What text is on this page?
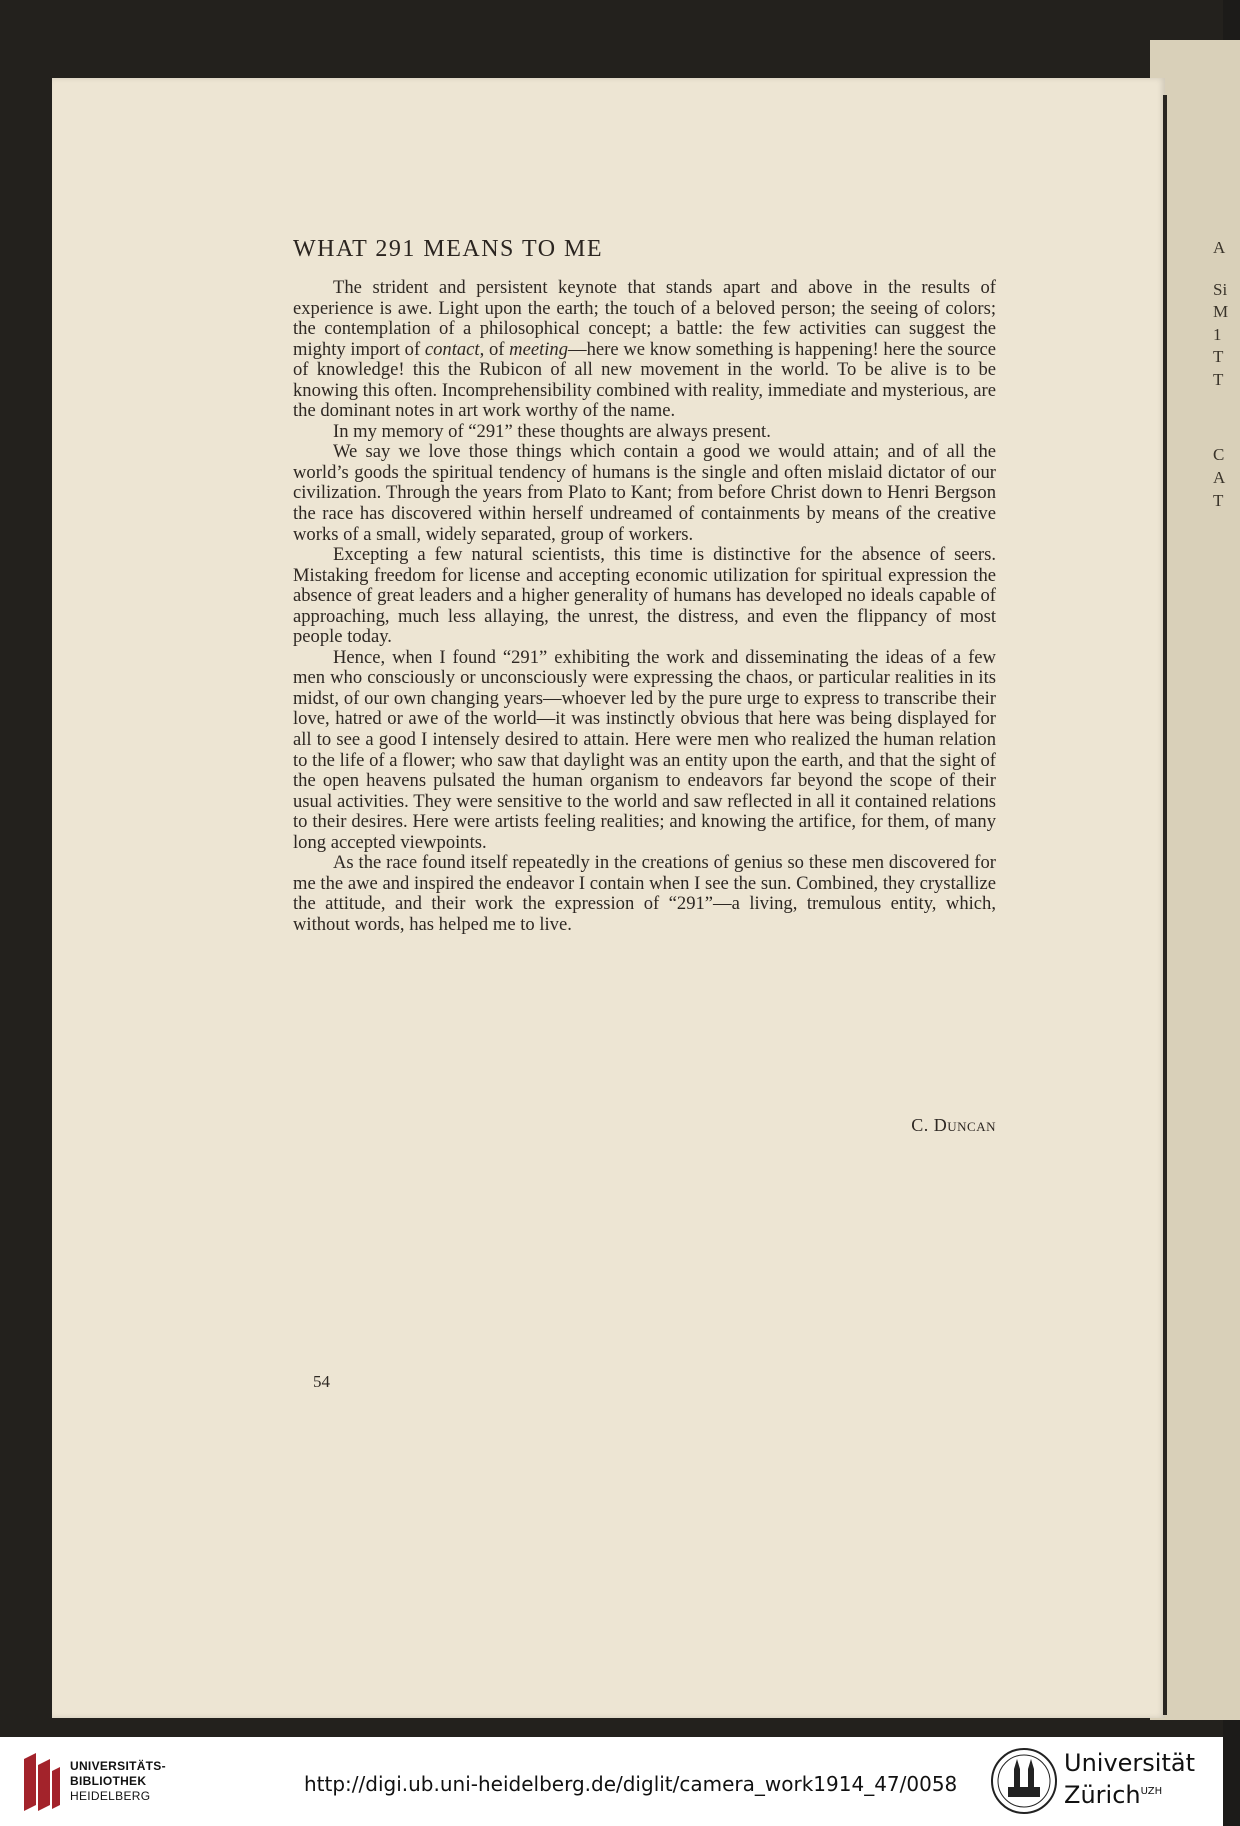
A
Si
M
1
T
T
C
A
T
WHAT 291 MEANS TO ME

The strident and persistent keynote that stands apart and above in the results of experience is awe. Light upon the earth; the touch of a beloved person; the seeing of colors; the contemplation of a philosophical concept; a battle: the few activities can suggest the mighty import of contact, of meeting—here we know something is happening! here the source of knowledge! this the Rubicon of all new movement in the world. To be alive is to be knowing this often. Incomprehensibility combined with reality, immediate and mysterious, are the dominant notes in art work worthy of the name.

In my memory of “291” these thoughts are always present.

We say we love those things which contain a good we would attain; and of all the world’s goods the spiritual tendency of humans is the single and often mislaid dictator of our civilization. Through the years from Plato to Kant; from before Christ down to Henri Bergson the race has discovered within herself undreamed of containments by means of the creative works of a small, widely separated, group of workers.

Excepting a few natural scientists, this time is distinctive for the absence of seers. Mistaking freedom for license and accepting economic utilization for spiritual expression the absence of great leaders and a higher generality of humans has developed no ideals capable of approaching, much less allaying, the unrest, the distress, and even the flippancy of most people today.

Hence, when I found “291” exhibiting the work and disseminating the ideas of a few men who consciously or unconsciously were expressing the chaos, or particular realities in its midst, of our own changing years—whoever led by the pure urge to express to transcribe their love, hatred or awe of the world—it was instinctly obvious that here was being displayed for all to see a good I intensely desired to attain. Here were men who realized the human relation to the life of a flower; who saw that daylight was an entity upon the earth, and that the sight of the open heavens pulsated the human organism to endeavors far beyond the scope of their usual activities. They were sensitive to the world and saw reflected in all it contained relations to their desires. Here were artists feeling realities; and knowing the artifice, for them, of many long accepted viewpoints.

As the race found itself repeatedly in the creations of genius so these men discovered for me the awe and inspired the endeavor I contain when I see the sun. Combined, they crystallize the attitude, and their work the expression of “291”—a living, tremulous entity, which, without words, has helped me to live.

C. Duncan
54
UNIVERSITÄTS-
BIBLIOTHEK
HEIDELBERG	http://digi.ub.uni-heidelberg.de/diglit/camera_work1914_47/0058
Universität
Zürich$^{UZH}$
